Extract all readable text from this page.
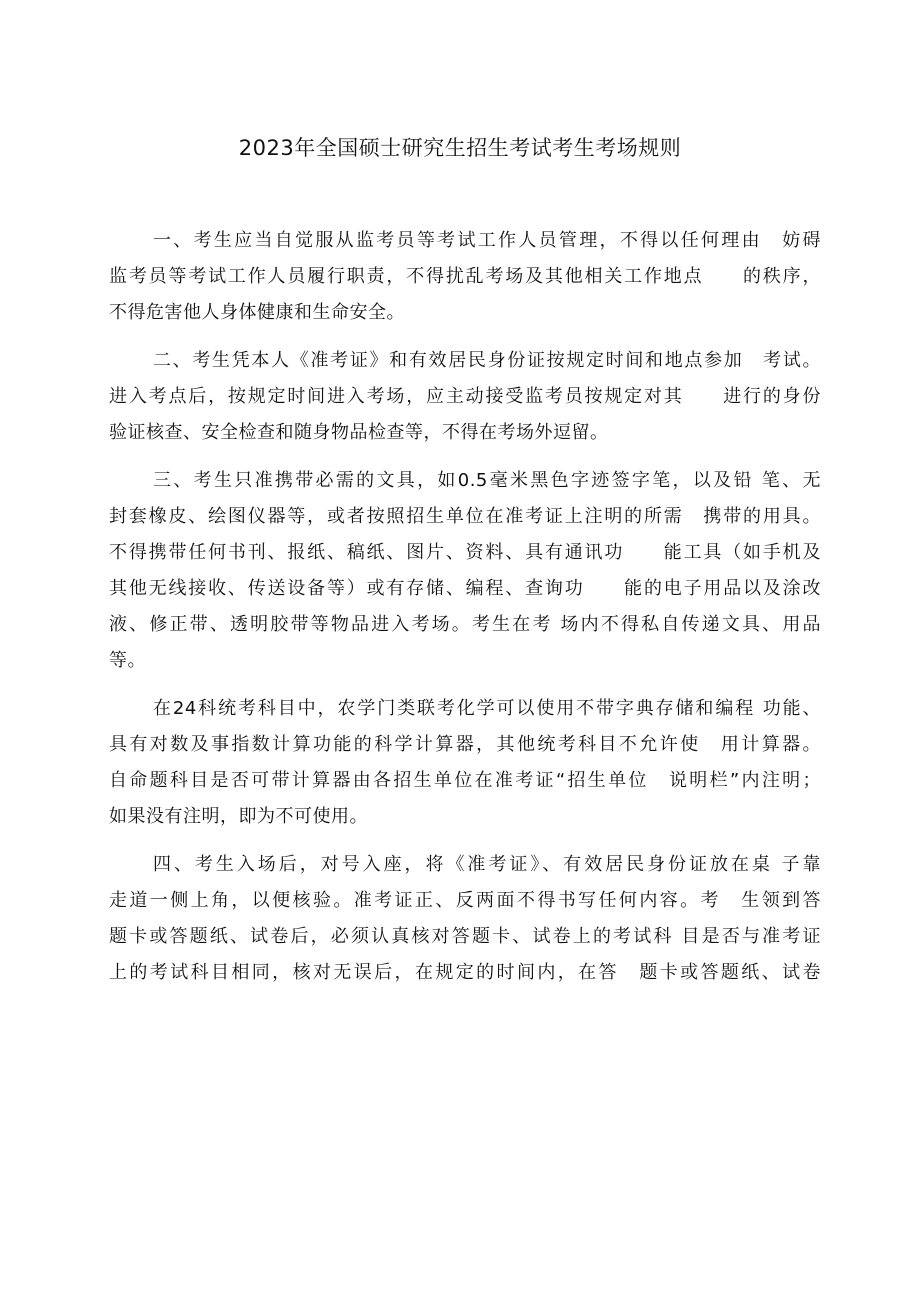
2023年全国硕士研究生招生考试考生考场规则
一、考生应当自觉服从监考员等考试工作人员管理，不得以任何理由　妨碍
监考员等考试工作人员履行职责，不得扰乱考场及其他相关工作地点　　的秩序，
不得危害他人身体健康和生命安全。
二、考生凭本人《准考证》和有效居民身份证按规定时间和地点参加　考试。
进入考点后，按规定时间进入考场，应主动接受监考员按规定对其　　进行的身份
验证核查、安全检查和随身物品检查等，不得在考场外逗留。
三、考生只准携带必需的文具，如0.5毫米黑色字迹签字笔，以及铅 笔、无
封套橡皮、绘图仪器等，或者按照招生单位在准考证上注明的所需　携带的用具。
不得携带任何书刊、报纸、稿纸、图片、资料、具有通讯功　　能工具（如手机及
其他无线接收、传送设备等）或有存储、编程、查询功　　能的电子用品以及涂改
液、修正带、透明胶带等物品进入考场。考生在考 场内不得私自传递文具、用品
等。
在24科统考科目中，农学门类联考化学可以使用不带字典存储和编程 功能、
具有对数及事指数计算功能的科学计算器，其他统考科目不允许使　用计算器。
自命题科目是否可带计算器由各招生单位在准考证“招生单位　说明栏”内注明；
如果没有注明，即为不可使用。
四、考生入场后，对号入座，将《准考证》、有效居民身份证放在桌 子靠
走道一侧上角，以便核验。准考证正、反两面不得书写任何内容。考　生领到答
题卡或答题纸、试卷后，必须认真核对答题卡、试卷上的考试科 目是否与准考证
上的考试科目相同，核对无误后，在规定的时间内，在答　题卡或答题纸、试卷
